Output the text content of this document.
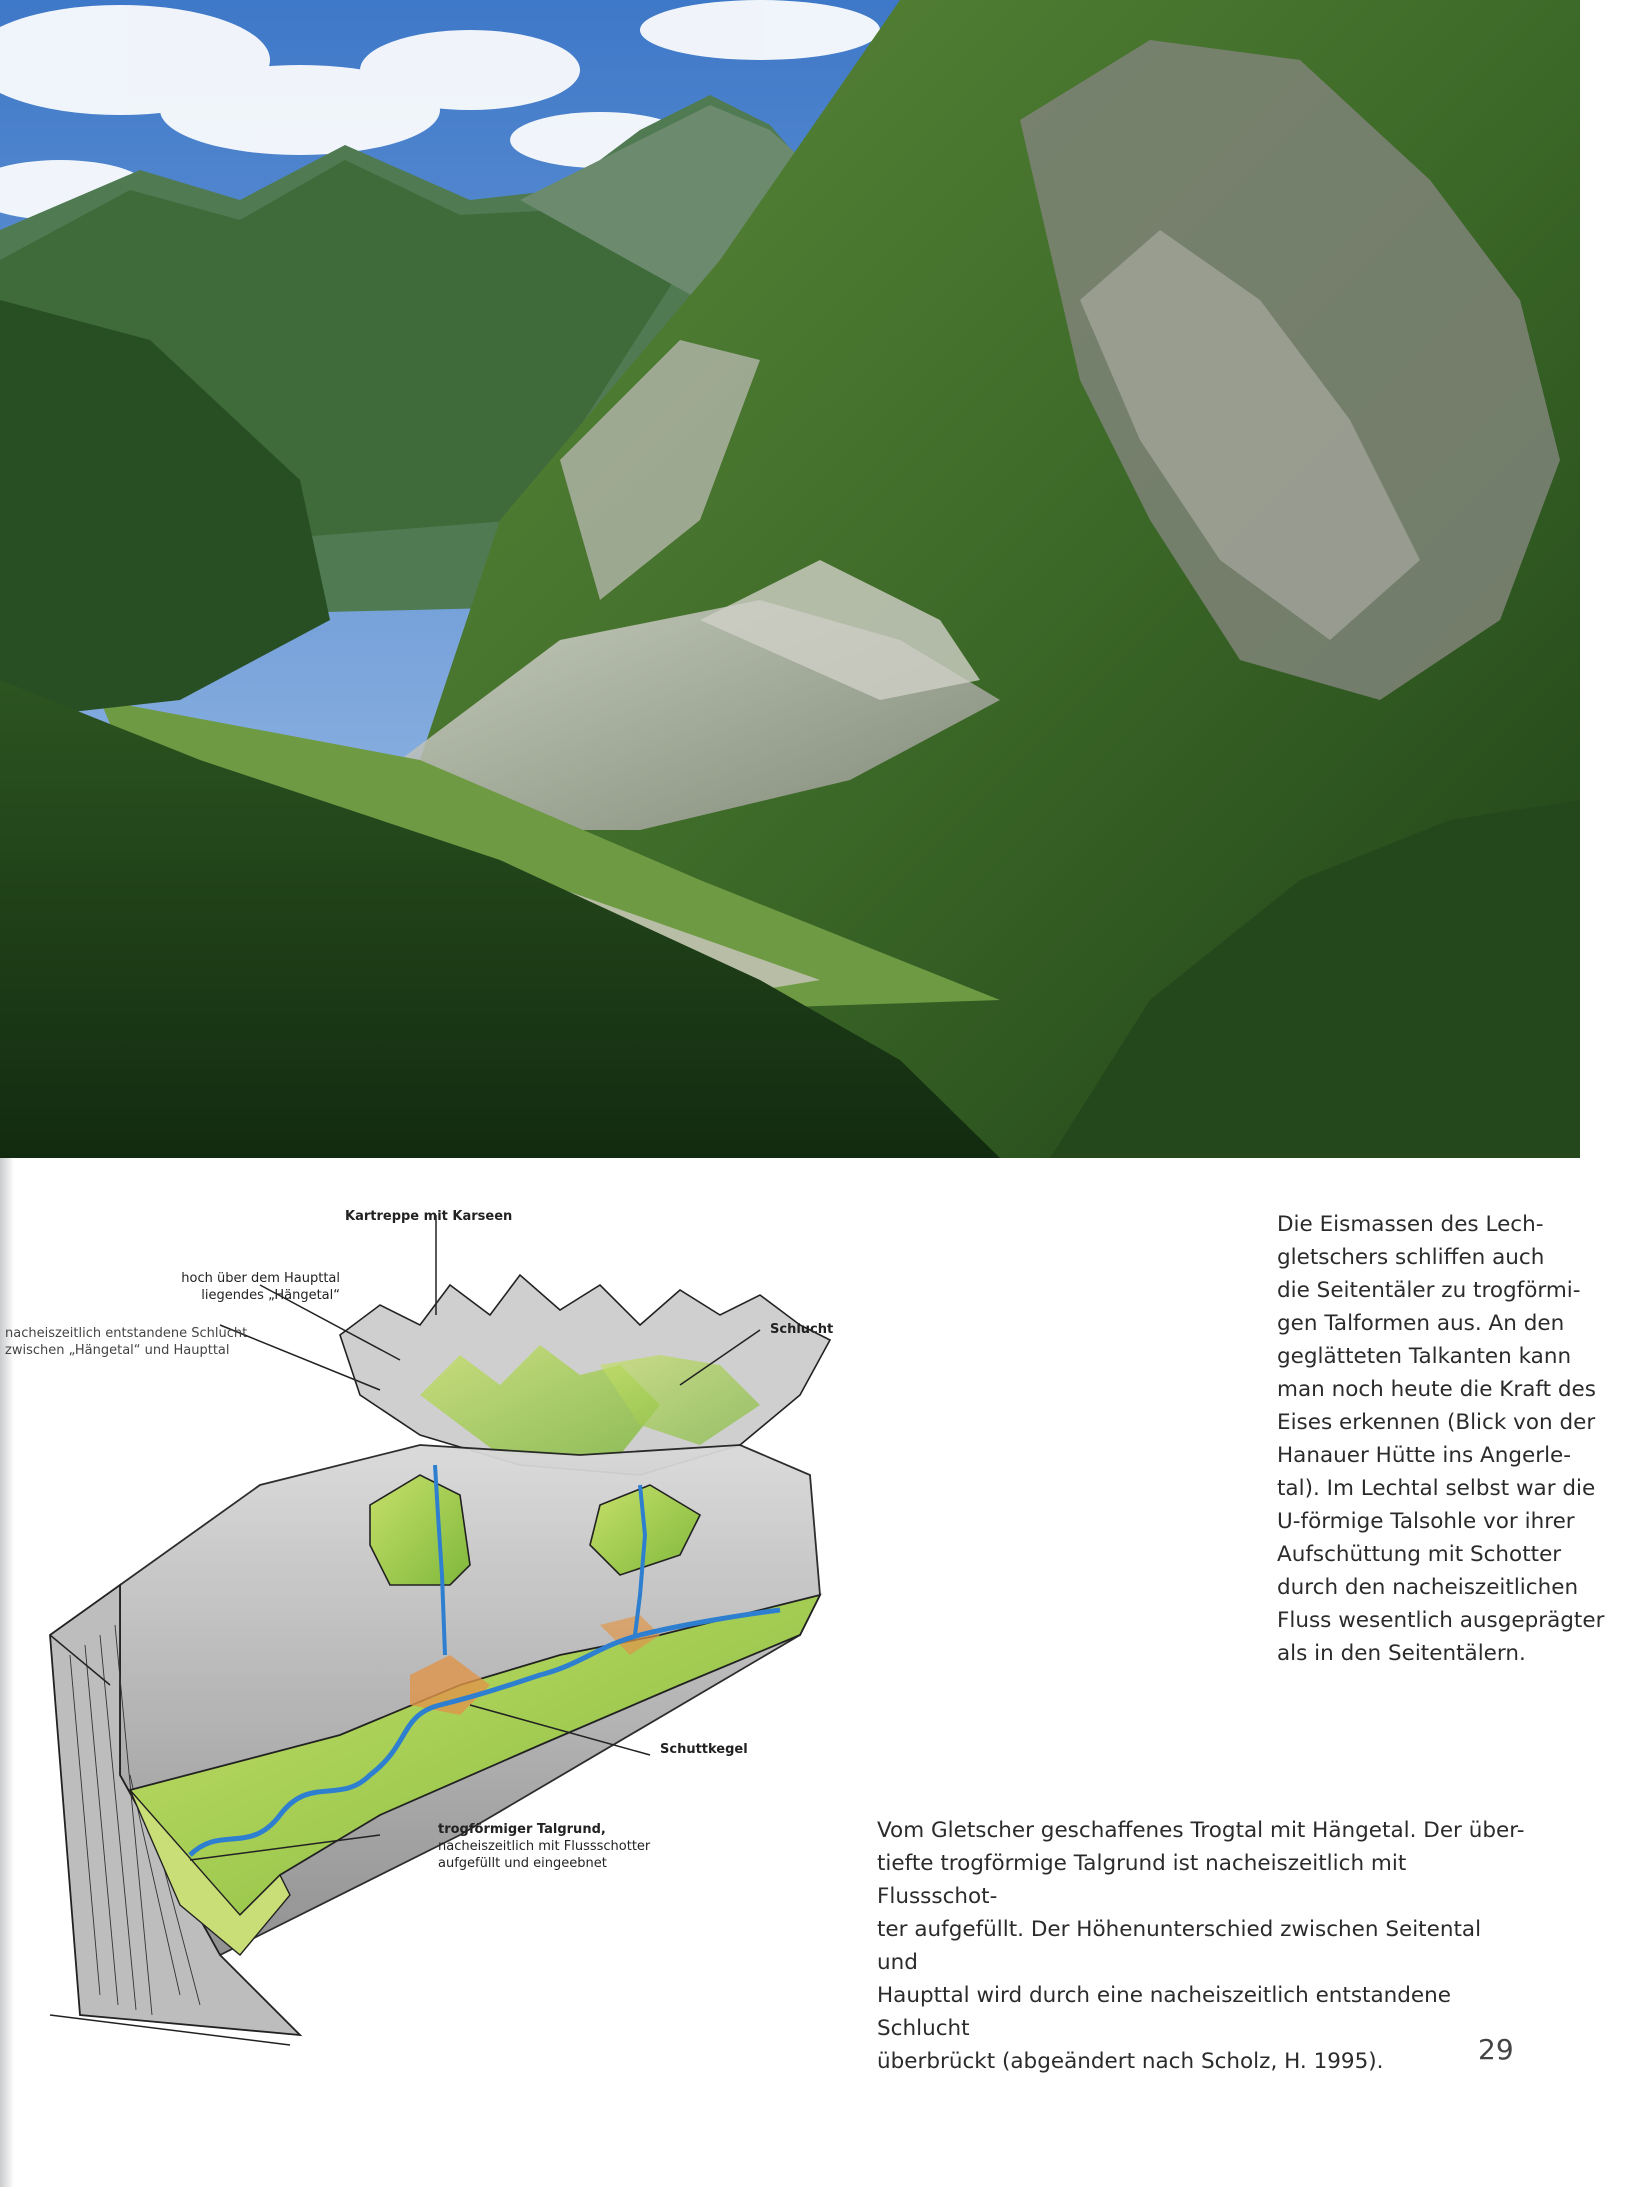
Kartreppe mit Karseen
hoch über dem Haupttal
liegendes „Hängetal“
nacheiszeitlich entstandene Schlucht
zwischen „Hängetal“ und Haupttal
Schlucht
Schuttkegel
trogförmiger Talgrund,
nacheiszeitlich mit Flussschotter
aufgefüllt und eingeebnet
Die Eismassen des Lech-
gletschers schliffen auch
die Seitentäler zu trogförmi-
gen Talformen aus. An den
geglätteten Talkanten kann
man noch heute die Kraft des
Eises erkennen (Blick von der
Hanauer Hütte ins Angerle-
tal). Im Lechtal selbst war die
U-förmige Talsohle vor ihrer
Aufschüttung mit Schotter
durch den nacheiszeitlichen
Fluss wesentlich ausgeprägter
als in den Seitentälern.
Vom Gletscher geschaffenes Trogtal mit Hängetal. Der über-
tiefte trogförmige Talgrund ist nacheiszeitlich mit Flussschot-
ter aufgefüllt. Der Höhenunterschied zwischen Seitental und
Haupttal wird durch eine nacheiszeitlich entstandene Schlucht
überbrückt (abgeändert nach Scholz, H. 1995).	29
